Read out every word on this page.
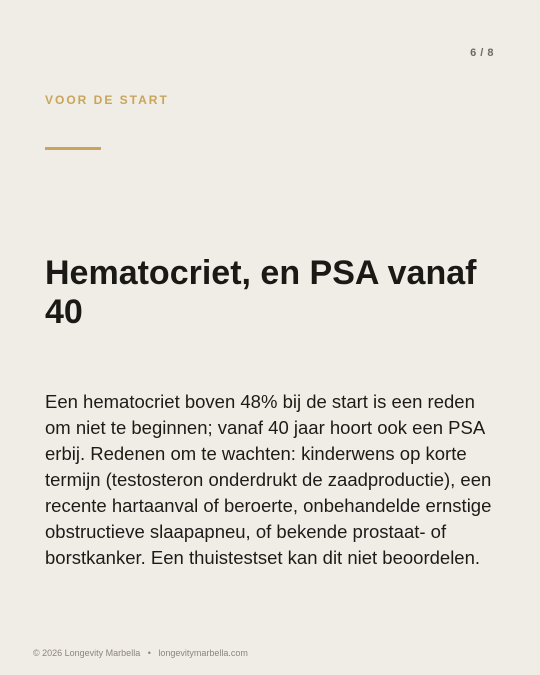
6 / 8
VOOR DE START
Hematocriet, en PSA vanaf 40

Een hematocriet boven 48% bij de start is een reden om niet te beginnen; vanaf 40 jaar hoort ook een PSA erbij. Redenen om te wachten: kinderwens op korte termijn (testosteron onderdrukt de zaadproductie), een recente hartaanval of beroerte, onbehandelde ernstige obstructieve slaapapneu, of bekende prostaat- of borstkanker. Een thuistestset kan dit niet beoordelen.

© 2026 Longevity Marbella • longevitymarbella.com
